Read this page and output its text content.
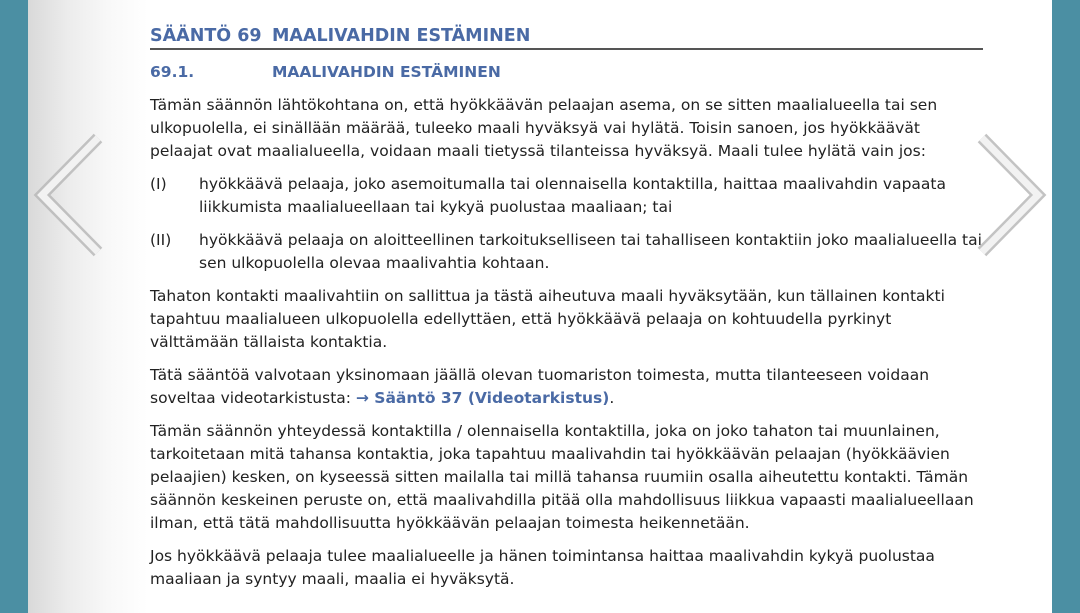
SÄÄNTÖ 69 MAALIVAHDIN ESTÄMINEN
69.1.	MAALIVAHDIN ESTÄMINEN

Tämän säännön lähtökohtana on, että hyökkäävän pelaajan asema, on se sitten maalialueella tai sen ulkopuolella, ei sinällään määrää, tuleeko maali hyväksyä vai hylätä. Toisin sanoen, jos hyökkäävät pelaajat ovat maalialueella, voidaan maali tietyssä tilanteissa hyväksyä. Maali tulee hylätä vain jos:

(I)	hyökkäävä pelaaja, joko asemoitumalla tai olennaisella kontaktilla, haittaa maalivahdin vapaata liikkumista maalialueellaan tai kykyä puolustaa maaliaan; tai
(II)	hyökkäävä pelaaja on aloitteellinen tarkoitukselliseen tai tahalliseen kontaktiin joko maalialueella tai sen ulkopuolella olevaa maalivahtia kohtaan.

Tahaton kontakti maalivahtiin on sallittua ja tästä aiheutuva maali hyväksytään, kun tällainen kontakti tapahtuu maalialueen ulkopuolella edellyttäen, että hyökkäävä pelaaja on kohtuudella pyrkinyt välttämään tällaista kontaktia.

Tätä sääntöä valvotaan yksinomaan jäällä olevan tuomariston toimesta, mutta tilanteeseen voidaan soveltaa videotarkistusta: → Sääntö 37 (Videotarkistus).

Tämän säännön yhteydessä kontaktilla / olennaisella kontaktilla, joka on joko tahaton tai muunlainen, tarkoitetaan mitä tahansa kontaktia, joka tapahtuu maalivahdin tai hyökkäävän pelaajan (hyökkäävien pelaajien) kesken, on kyseessä sitten mailalla tai millä tahansa ruumiin osalla aiheutettu kontakti. Tämän säännön keskeinen peruste on, että maalivahdilla pitää olla mahdollisuus liikkua vapaasti maalialueellaan ilman, että tätä mahdollisuutta hyökkäävän pelaajan toimesta heikennetään.

Jos hyökkäävä pelaaja tulee maalialueelle ja hänen toimintansa haittaa maalivahdin kykyä puolustaa maaliaan ja syntyy maali, maalia ei hyväksytä.
